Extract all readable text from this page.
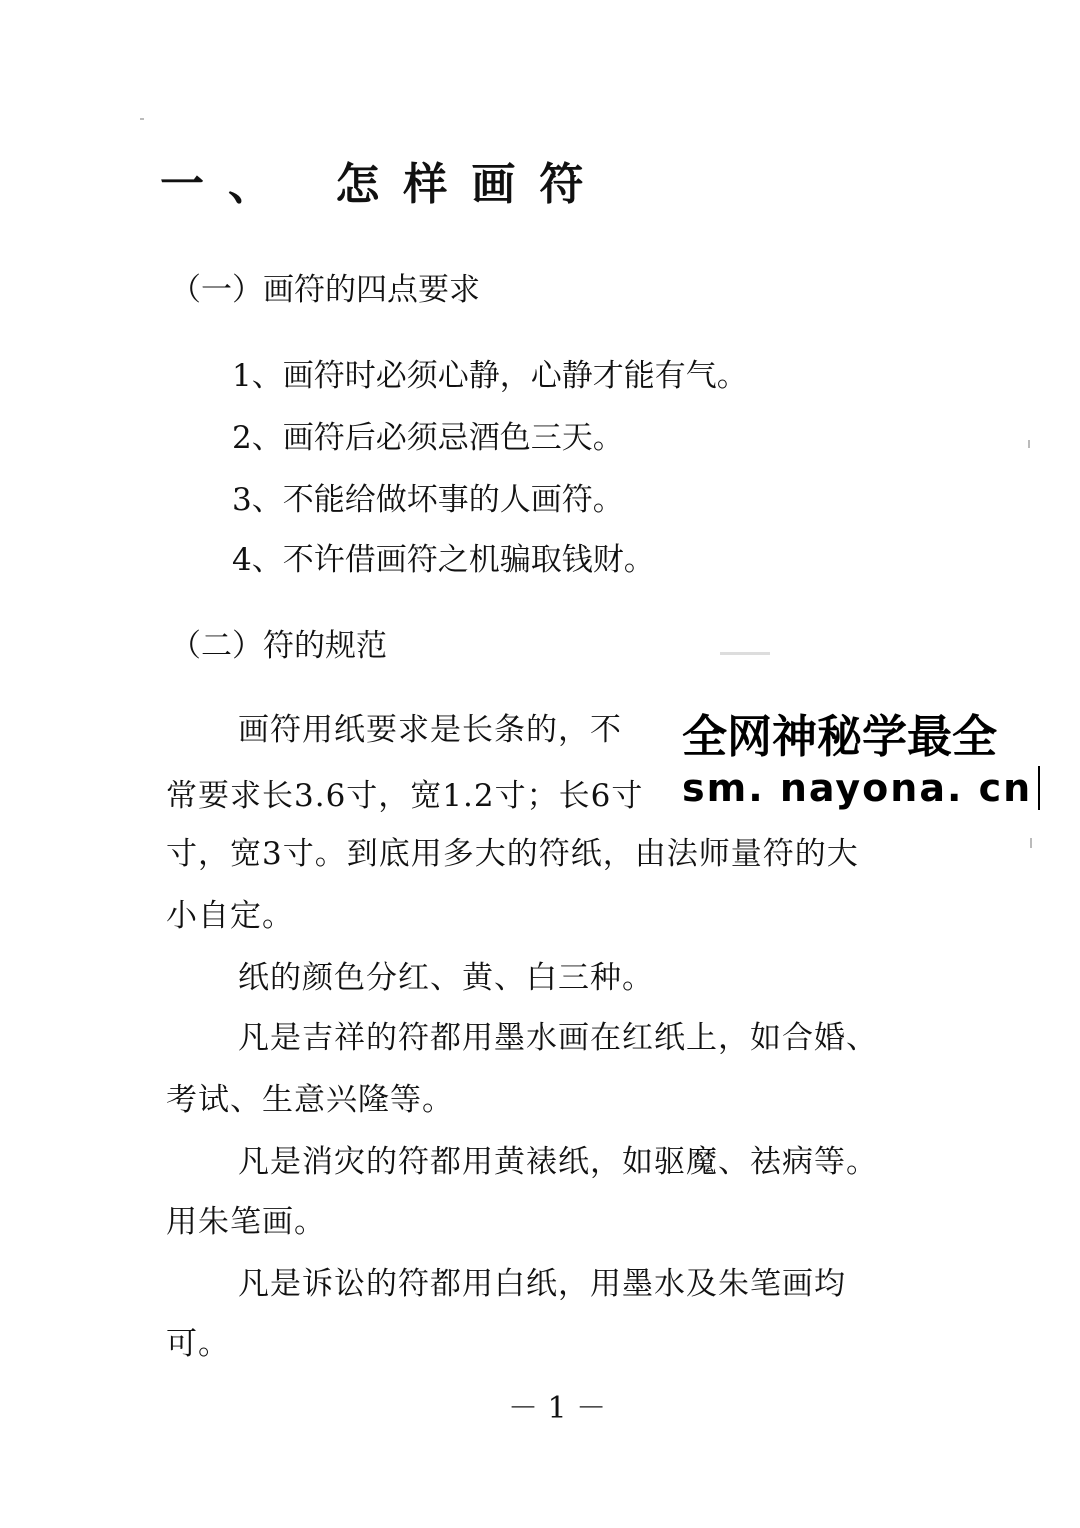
一、 怎样画符
（一）画符的四点要求
1、画符时必须心静，心静才能有气。
2、画符后必须忌酒色三天。
3、不能给做坏事的人画符。
4、不许借画符之机骗取钱财。
（二）符的规范
画符用纸要求是长条的，不
常要求长3.6寸，宽1.2寸；长6寸
寸，宽3寸。到底用多大的符纸，由法师量符的大
小自定。
纸的颜色分红、黄、白三种。
凡是吉祥的符都用墨水画在红纸上，如合婚、
考试、生意兴隆等。
凡是消灾的符都用黄裱纸，如驱魔、祛病等。
用朱笔画。
凡是诉讼的符都用白纸，用墨水及朱笔画均
可。
全网神秘学最全
sm. nayona. cn
－ 1 －
